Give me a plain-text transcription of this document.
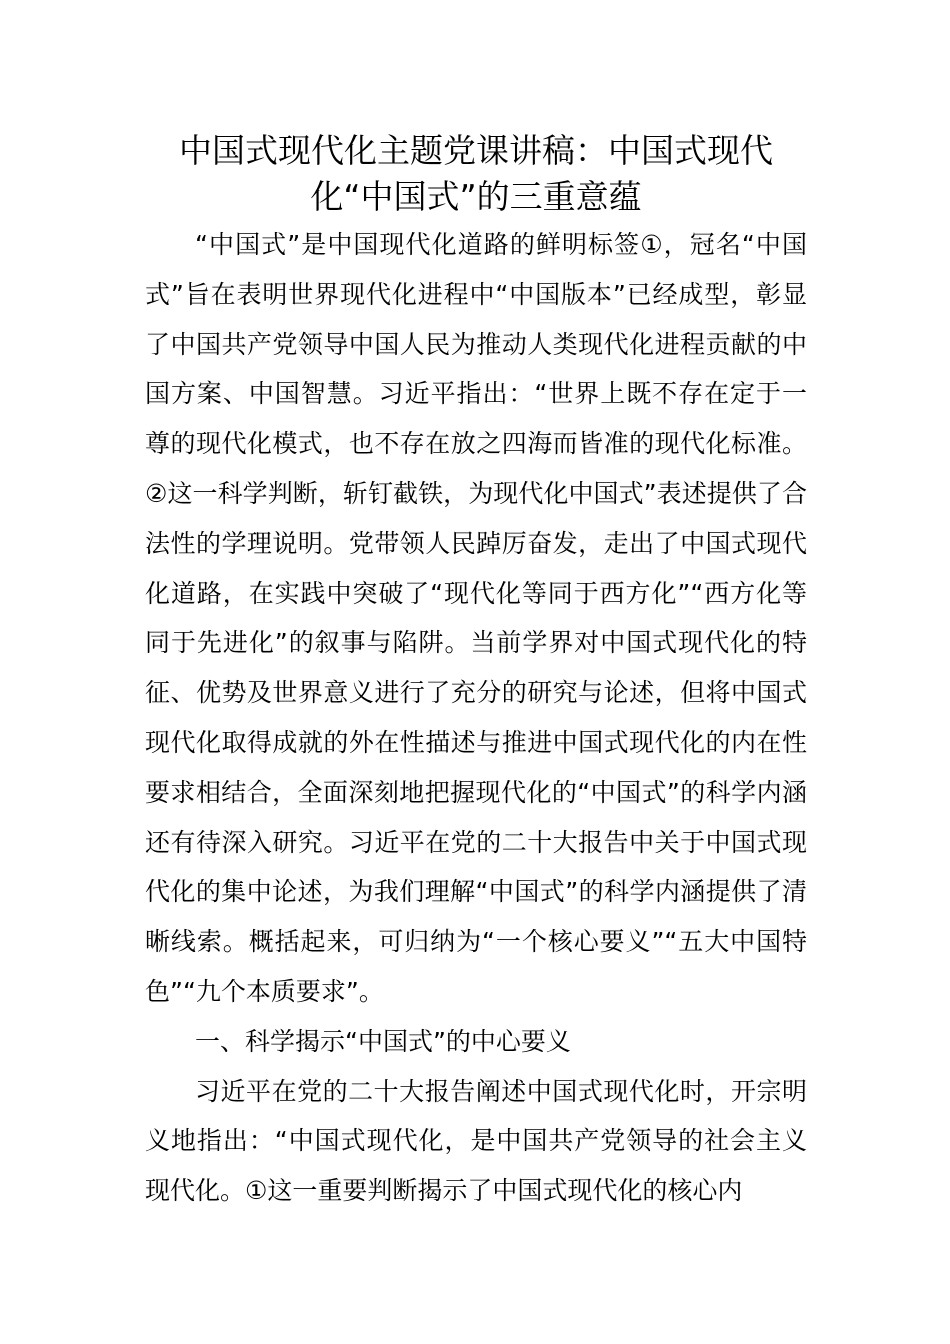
中国式现代化主题党课讲稿：中国式现代化“中国式”的三重意蕴

“中国式”是中国现代化道路的鲜明标签①，冠名“中国式”旨在表明世界现代化进程中“中国版本”已经成型，彰显了中国共产党领导中国人民为推动人类现代化进程贡献的中国方案、中国智慧。习近平指出：“世界上既不存在定于一尊的现代化模式，也不存在放之四海而皆准的现代化标准。②这一科学判断，斩钉截铁，为现代化中国式”表述提供了合法性的学理说明。党带领人民踔厉奋发，走出了中国式现代化道路，在实践中突破了“现代化等同于西方化”“西方化等同于先进化”的叙事与陷阱。当前学界对中国式现代化的特征、优势及世界意义进行了充分的研究与论述，但将中国式现代化取得成就的外在性描述与推进中国式现代化的内在性要求相结合，全面深刻地把握现代化的“中国式”的科学内涵还有待深入研究。习近平在党的二十大报告中关于中国式现代化的集中论述，为我们理解“中国式”的科学内涵提供了清晰线索。概括起来，可归纳为“一个核心要义”“五大中国特色”“九个本质要求”。

一、科学揭示“中国式”的中心要义

习近平在党的二十大报告阐述中国式现代化时，开宗明义地指出：“中国式现代化，是中国共产党领导的社会主义现代化。①这一重要判断揭示了中国式现代化的核心内
